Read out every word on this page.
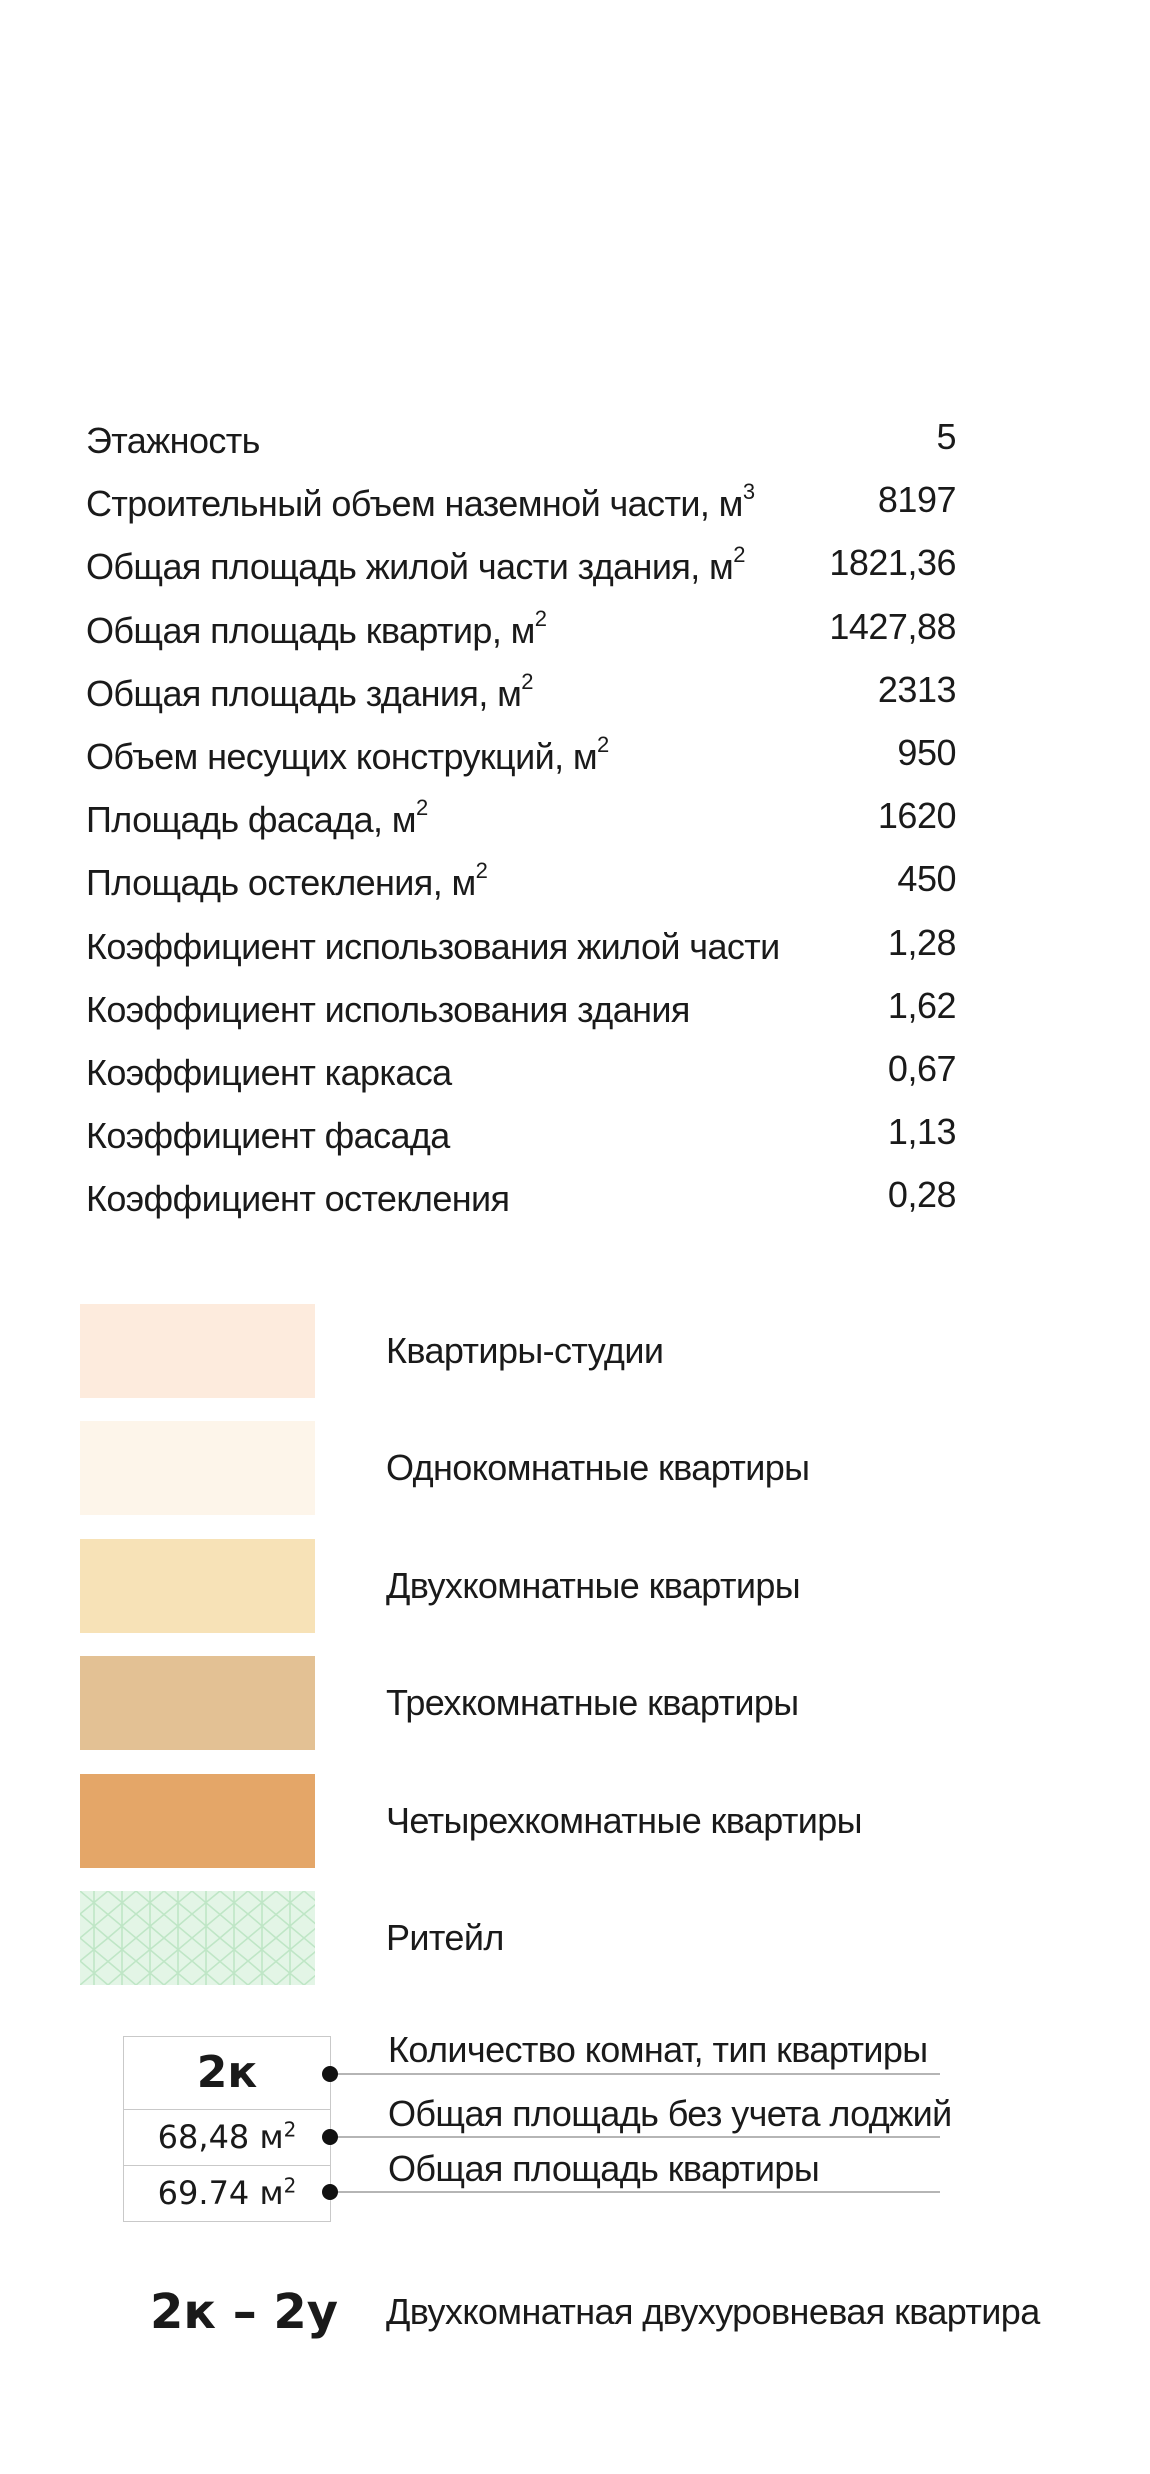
Этажность	5
Строительный объем наземной части, $м^3$	8197
Общая площадь жилой части здания, $м^2$ 1821,36
Общая площадь квартир, $м^2$	1427,88
Общая площадь здания, $м^2$	2313
Объем несущих конструкций, $м^2$	950
Площадь фасада, $м^2$	1620
Площадь остекления, $м^2$	450
Коэффициент использования жилой части	1,28
Коэффициент использования здания	1,62
Коэффициент каркаса	0,67
Коэффициент фасада	1,13
Коэффициент остекления	0,28
Квартиры-студии
Однокомнатные квартиры
Двухкомнатные квартиры
Трехкомнатные квартиры
Четырехкомнатные квартиры
Ритейл
2к
68,48 $м^2$
69.74 $м^2$
Количество комнат, тип квартиры
Общая площадь без учета лоджий
Общая площадь квартиры
2к – 2у Двухкомнатная двухуровневая квартира
